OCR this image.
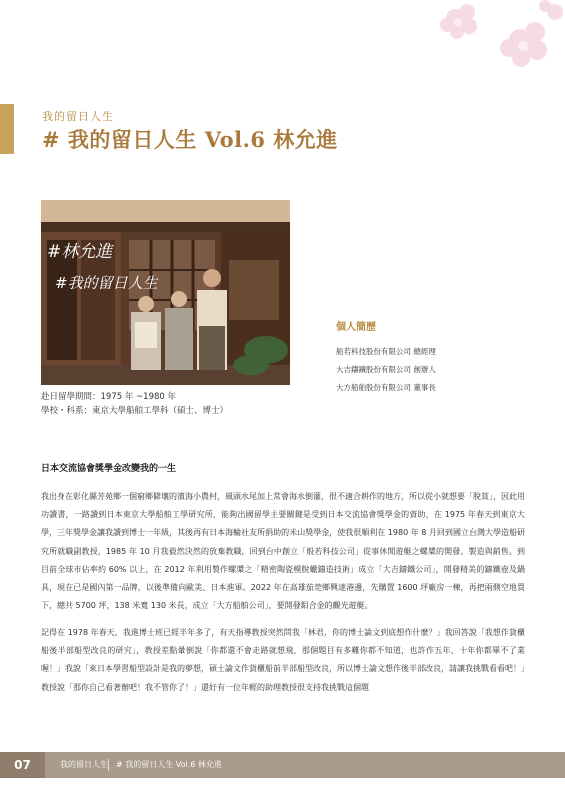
我的留日人生
# 我的留日人生 Vol.6 林允進
#林允進
#我的留日人生
個人簡歷
船若科技股份有限公司 總經理
大吉鑄鐵股份有限公司 創辦人
大方船舶股份有限公司 董事長
赴日留學期間：1975 年 ~1980 年
學校・科系：東京大學船舶工學科（碩士、博士）
日本交流協會獎學金改變我的一生

我出身在彰化縣芳苑鄉一個窮鄉僻壤的濱海小農村，風頭水尾加上常會海水倒灌，很不適合耕作的地方，所以從小就想要「脫貧」，因此用功讀書，一路讀到日本東京大學船舶工學研究所，能夠出國留學主要關鍵是受到日本交流協會獎學金的資助，在 1975 年春天到東京大學，三年獎學金讓我讀到博士一年級，其後再有日本海輪社友所捐助的米山獎學金，使我很順利在 1980 年 8 月回到國立台灣大學造船研究所就職副教授，1985 年 10 月我毅然決然的放棄教職，回到台中創立「般若科技公司」從事休閒遊艇之螺槳的開發、製造與銷售。到目前全球市佔率約 60% 以上，在 2012 年利用製作螺槳之「精密陶瓷模脫蠟鑄造技術」成立「大吉鑄鐵公司」，開發精美的鑄鐵壺及鍋具，現在已是國內第一品牌，以後準備向歐美、日本進軍。2022 年在高雄茄萣鄉興達港邊，先購置 1600 坪廠房一棟，再把兩側空地買下，總共 5700 坪，138 米寬 130 米長，成立「大方船舶公司」，要開發鋁合金的觀光遊艇。

記得在 1978 年春天，我進博士班已經半年多了，有天指導教授突然問我「林君，你的博士論文到底想作什麼？」我回答說「我想作貨櫃船後半部船型改良的研究」，教授差點暈倒說「你都還不會走路就想飛，那個題目有多難你都不知道，也許作五年、十年你都畢不了業喔！」我說「來日本學習船型設計是我的夢想，碩士論文作貨櫃船前半部船型改良，所以博士論文想作後半部改良，請讓我挑戰看看吧！」教授說「那你自己看著辦吧！我不管你了！」還好有一位年輕的助理教授很支持我挑戰這個題

07	我的留日人生 # 我的留日人生 Vol.6 林允進
